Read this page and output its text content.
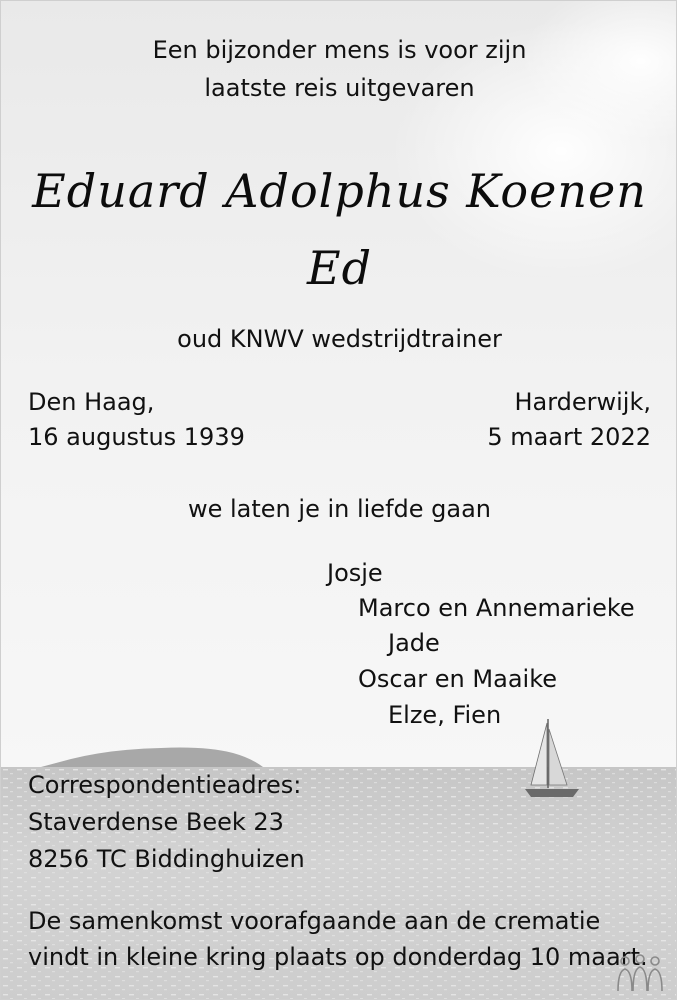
Een bijzonder mens is voor zijn
laatste reis uitgevaren
Eduard Adolphus Koenen
Ed
oud KNWV wedstrijdtrainer
Den Haag,
16 augustus 1939
Harderwijk,
5 maart 2022
we laten je in liefde gaan
Josje
Marco en Annemarieke
Jade
Oscar en Maaike
Elze, Fien
Correspondentieadres:
Staverdense Beek 23
8256 TC Biddinghuizen
De samenkomst voorafgaande aan de crematie
vindt in kleine kring plaats op donderdag 10 maart.
